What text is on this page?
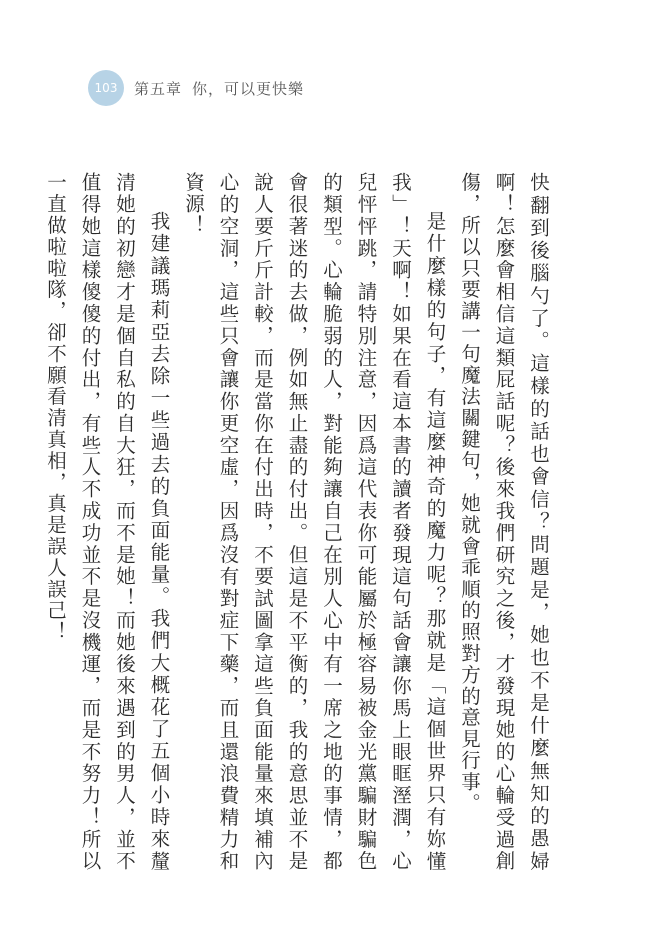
103	第五章 你，可以更快樂

快翻到後腦勺了。這樣的話也會信？問題是，她也不是什麼無知的愚婦啊！怎麼會相信這類屁話呢？後來我們研究之後，才發現她的心輪受過創傷，所以只要講一句魔法關鍵句，她就會乖順的照對方的意見行事。

是什麼樣的句子，有這麼神奇的魔力呢？那就是「這個世界只有妳懂我」！天啊！如果在看這本書的讀者發現這句話會讓你馬上眼眶溼潤，心兒怦怦跳，請特別注意，因爲這代表你可能屬於極容易被金光黨騙財騙色的類型。心輪脆弱的人，對能夠讓自己在別人心中有一席之地的事情，都會很著迷的去做，例如無止盡的付出。但這是不平衡的，我的意思並不是說人要斤斤計較，而是當你在付出時，不要試圖拿這些負面能量來填補內心的空洞，這些只會讓你更空虛，因爲沒有對症下藥，而且還浪費精力和資源！

我建議瑪莉亞去除一些過去的負面能量。我們大概花了五個小時來釐清她的初戀才是個自私的自大狂，而不是她！而她後來遇到的男人，並不值得她這樣傻傻的付出，有些人不成功並不是沒機運，而是不努力！所以一直做啦啦隊，卻不願看清真相，真是誤人誤己！
